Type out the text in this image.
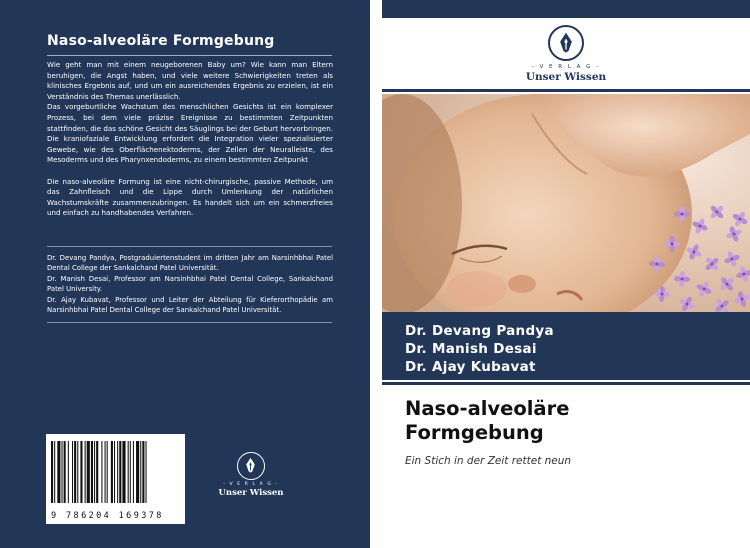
Naso-alveoläre Formgebung

Wie geht man mit einem neugeborenen Baby um? Wie kann man Eltern beruhigen, die Angst haben, und viele weitere Schwierigkeiten treten als klinisches Ergebnis auf, und um ein ausreichendes Ergebnis zu erzielen, ist ein Verständnis des Themas unerlässlich.

Das vorgeburtliche Wachstum des menschlichen Gesichts ist ein komplexer Prozess, bei dem viele präzise Ereignisse zu bestimmten Zeitpunkten stattfinden, die das schöne Gesicht des Säuglings bei der Geburt hervorbringen. Die kraniofaziale Entwicklung erfordert die Integration vieler spezialisierter Gewebe, wie des Oberflächenektoderms, der Zellen der Neuralleiste, des Mesoderms und des Pharynxendoderms, zu einem bestimmten Zeitpunkt

Die naso-alveoläre Formung ist eine nicht-chirurgische, passive Methode, um das Zahnfleisch und die Lippe durch Umlenkung der natürlichen Wachstumskräfte zusammenzubringen. Es handelt sich um ein schmerzfreies und einfach zu handhabendes Verfahren.

Dr. Devang Pandya, Postgraduiertenstudent im dritten Jahr am Narsinhbhai Patel Dental College der Sankalchand Patel Universität.

Dr. Manish Desai, Professor am Narsinhbhai Patel Dental College, Sankalchand Patel University.

Dr. Ajay Kubavat, Professor und Leiter der Abteilung für Kieferorthopädie am Narsinhbhai Patel Dental College der Sankalchand Patel Universität.

9 786204 169378
- V E R L A G -
Unser Wissen
- V E R L A G -
Unser Wissen
Dr. Devang Pandya
Dr. Manish Desai
Dr. Ajay Kubavat
Naso-alveoläre
Formgebung
Ein Stich in der Zeit rettet neun
